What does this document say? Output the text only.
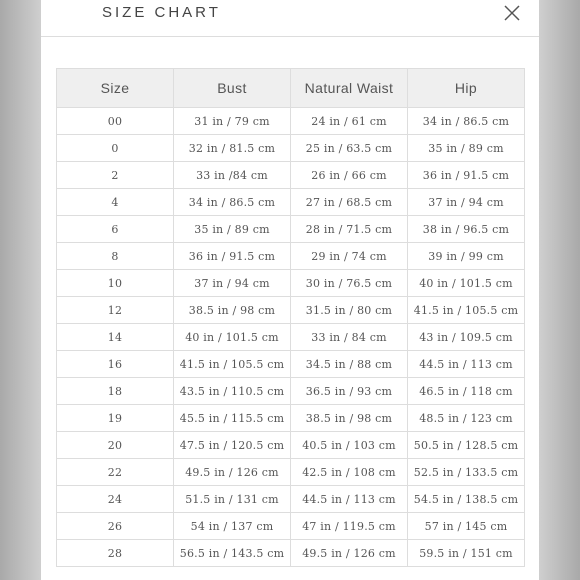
SIZE CHART
Size	Bust	Natural Waist	Hip
00	31 in / 79 cm	24 in / 61 cm	34 in / 86.5 cm
0	32 in / 81.5 cm	25 in / 63.5 cm	35 in / 89 cm
2	33 in /84 cm	26 in / 66 cm	36 in / 91.5 cm
4	34 in / 86.5 cm	27 in / 68.5 cm	37 in / 94 cm
6	35 in / 89 cm	28 in / 71.5 cm	38 in / 96.5 cm
8	36 in / 91.5 cm	29 in / 74 cm	39 in / 99 cm
10	37 in / 94 cm	30 in / 76.5 cm	40 in / 101.5 cm
12	38.5 in / 98 cm	31.5 in / 80 cm	41.5 in / 105.5 cm
14	40 in / 101.5 cm	33 in / 84 cm	43 in / 109.5 cm
16	41.5 in / 105.5 cm	34.5 in / 88 cm	44.5 in / 113 cm
18	43.5 in / 110.5 cm	36.5 in / 93 cm	46.5 in / 118 cm
19	45.5 in / 115.5 cm	38.5 in / 98 cm	48.5 in / 123 cm
20	47.5 in / 120.5 cm	40.5 in / 103 cm	50.5 in / 128.5 cm
22	49.5 in / 126 cm	42.5 in / 108 cm	52.5 in / 133.5 cm
24	51.5 in / 131 cm	44.5 in / 113 cm	54.5 in / 138.5 cm
26	54 in / 137 cm	47 in / 119.5 cm	57 in / 145 cm
28	56.5 in / 143.5 cm	49.5 in / 126 cm	59.5 in / 151 cm
